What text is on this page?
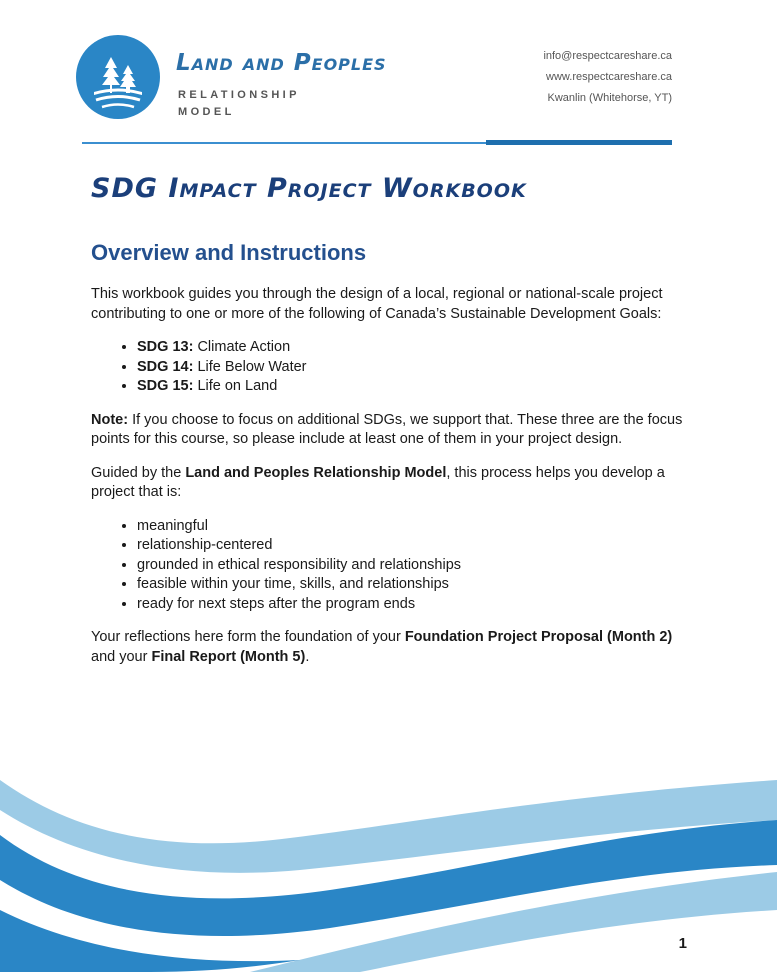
Land and Peoples
RELATIONSHIP MODEL
info@respectcareshare.ca
www.respectcareshare.ca
Kwanlin (Whitehorse, YT)
SDG Impact Project Workbook
Overview and Instructions

This workbook guides you through the design of a local, regional or national-scale project contributing to one or more of the following of Canada’s Sustainable Development Goals:

• SDG 13: Climate Action
• SDG 14: Life Below Water
• SDG 15: Life on Land

Note: If you choose to focus on additional SDGs, we support that. These three are the focus points for this course, so please include at least one of them in your project design.

Guided by the Land and Peoples Relationship Model, this process helps you develop a project that is:

• meaningful
• relationship-centered
• grounded in ethical responsibility and relationships
• feasible within your time, skills, and relationships
• ready for next steps after the program ends

Your reflections here form the foundation of your Foundation Project Proposal (Month 2) and your Final Report (Month 5).

1
